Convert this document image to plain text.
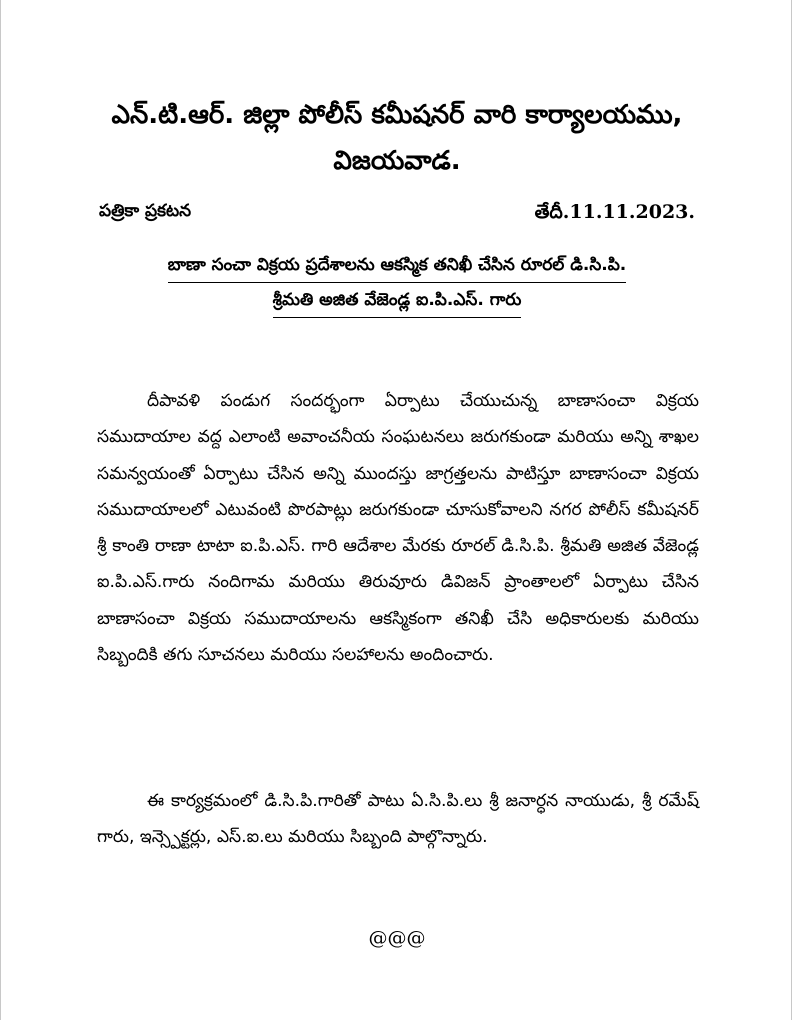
ఎన్.టి.ఆర్. జిల్లా పోలీస్ కమీషనర్ వారి కార్యాలయము,
విజయవాడ.
పత్రికా ప్రకటన	తేదీ.11.11.2023.
బాణా సంచా విక్రయ ప్రదేశాలను ఆకస్మిక తనిఖీ చేసిన రూరల్ డి.సి.పి.
శ్రీమతి అజిత వేజెండ్ల ఐ.పి.ఎస్. గారు

దీపావళి పండుగ సందర్భంగా ఏర్పాటు చేయుచున్న బాణాసంచా విక్రయ సముదాయాల వద్ద ఎలాంటి అవాంచనీయ సంఘటనలు జరుగకుండా మరియు అన్ని శాఖల సమన్వయంతో ఏర్పాటు చేసిన అన్ని ముందస్తు జాగ్రత్తలను పాటిస్తూ బాణాసంచా విక్రయ సముదాయాలలో ఎటువంటి పొరపాట్లు జరుగకుండా చూసుకోవాలని నగర పోలీస్ కమీషనర్ శ్రీ కాంతి రాణా టాటా ఐ.పి.ఎస్. గారి ఆదేశాల మేరకు రూరల్ డి.సి.పి. శ్రీమతి అజిత వేజెండ్ల ఐ.పి.ఎస్.గారు నందిగామ మరియు తిరువూరు డివిజన్ ప్రాంతాలలో ఏర్పాటు చేసిన బాణాసంచా విక్రయ సముదాయాలను ఆకస్మికంగా తనిఖీ చేసి అధికారులకు మరియు సిబ్బందికి తగు సూచనలు మరియు సలహాలను అందించారు.

ఈ కార్యక్రమంలో డి.సి.పి.గారితో పాటు ఏ.సి.పి.లు శ్రీ జనార్ధన నాయుడు, శ్రీ రమేష్ గారు, ఇన్స్పెక్టర్లు, ఎస్.ఐ.లు మరియు సిబ్బంది పాల్గొన్నారు.

@@@
